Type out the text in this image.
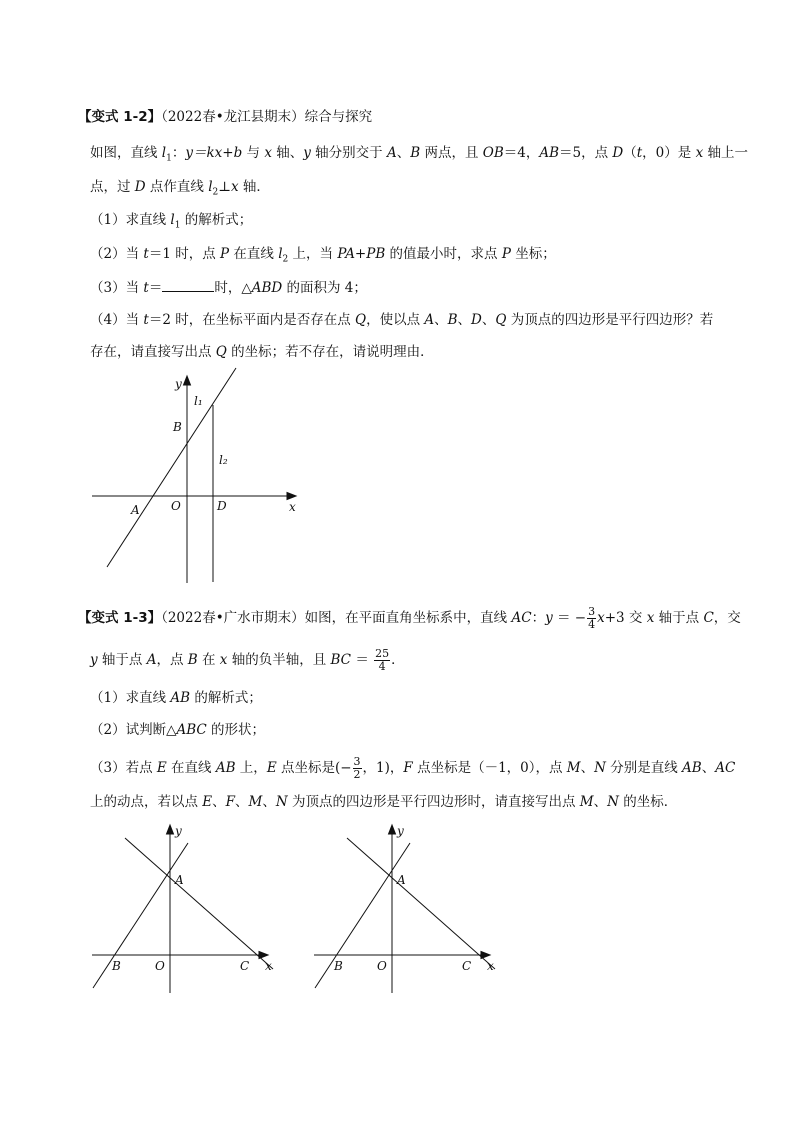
【变式 1-2】（2022春•龙江县期末）综合与探究
如图，直线 $l_1$：y＝kx+b 与 x 轴、y 轴分别交于 A、B 两点，且 OB＝4，AB＝5，点 D（t，0）是 x 轴上一
点，过 D 点作直线 $l_2\perp x$ 轴．
（1）求直线 $l_1$ 的解析式；
（2）当 t＝1 时，点 P 在直线 $l_2$ 上，当 PA+PB 的值最小时，求点 P 坐标；
（3）当 t＝	时，△ABD 的面积为 4；
（4）当 t＝2 时，在坐标平面内是否存在点 Q，使以点 A、B、D、Q 为顶点的四边形是平行四边形？若
存在，请直接写出点 Q 的坐标；若不存在，请说明理由．
y
x
O
A
B
D
l₁
l₂
【变式 1-3】（2022春•广水市期末）如图，在平面直角坐标系中，直线 AC：y ＝ − $\frac{3}{4} x+3$ 交 x 轴于点 C，交
y 轴于点 A，点 B 在 x 轴的负半轴，且 BC ＝ $\frac{25}{4}$ ．
（1）求直线 AB 的解析式；
（2）试判断△ABC 的形状；
（3）若点 E 在直线 AB 上，E 点坐标是(− $\frac{3}{2}$ ，1)，F 点坐标是（－1，0），点 M、N 分别是直线 AB、AC
上的动点，若以点 E、F、M、N 为顶点的四边形是平行四边形时，请直接写出点 M、N 的坐标．
y
x
O
A
B	C
y
x
O
A
B	C
